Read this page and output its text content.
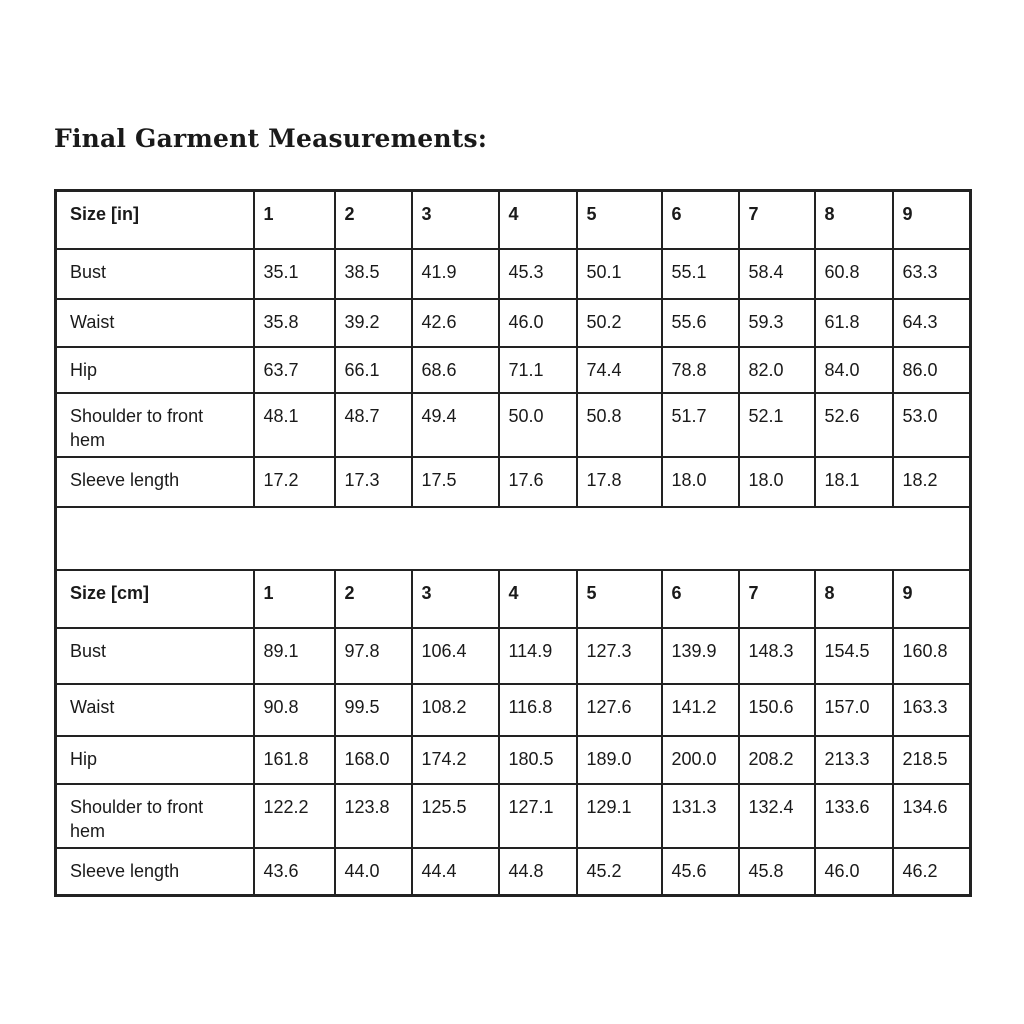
Final Garment Measurements:
Size [in]	1	2	3	4	5	6	7	8	9
Bust	35.1	38.5	41.9	45.3	50.1	55.1	58.4	60.8	63.3
Waist	35.8	39.2	42.6	46.0	50.2	55.6	59.3	61.8	64.3
Hip	63.7	66.1	68.6	71.1	74.4	78.8	82.0	84.0	86.0
Shoulder to front hem	48.1	48.7	49.4	50.0	50.8	51.7	52.1	52.6	53.0
Sleeve length	17.2	17.3	17.5	17.6	17.8	18.0	18.0	18.1	18.2

Size [cm]	1	2	3	4	5	6	7	8	9
Bust	89.1	97.8	106.4	114.9	127.3	139.9	148.3	154.5	160.8
Waist	90.8	99.5	108.2	116.8	127.6	141.2	150.6	157.0	163.3
Hip	161.8	168.0	174.2	180.5	189.0	200.0	208.2	213.3	218.5
Shoulder to front hem	122.2	123.8	125.5	127.1	129.1	131.3	132.4	133.6	134.6
Sleeve length	43.6	44.0	44.4	44.8	45.2	45.6	45.8	46.0	46.2
